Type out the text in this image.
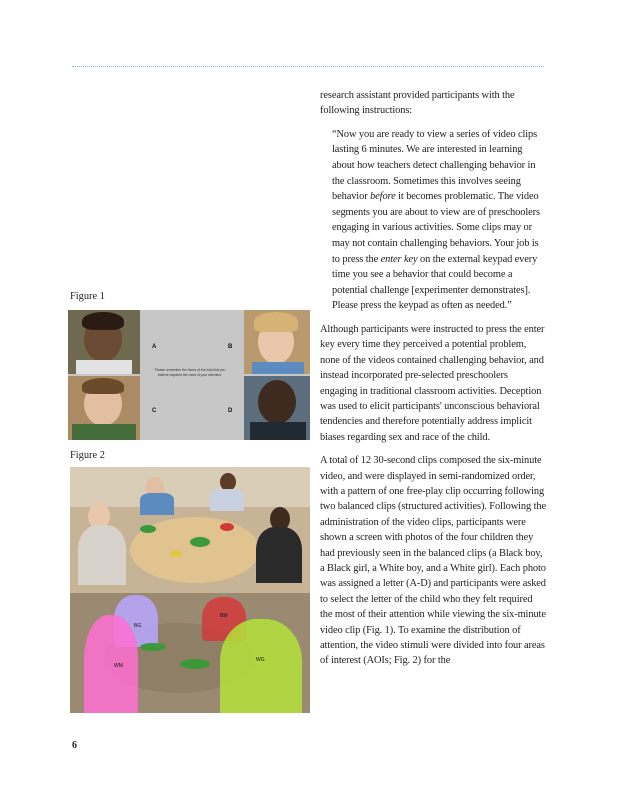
research assistant provided participants with the following instructions:

“Now you are ready to view a series of video clips lasting 6 minutes. We are interested in learning about how teachers detect challenging behavior in the classroom. Sometimes this involves seeing behavior before it becomes problematic. The video segments you are about to view are of preschoolers engaging in various activities. Some clips may or may not contain challenging behaviors. Your job is to press the enter key on the external keypad every time you see a behavior that could become a potential challenge [experimenter demonstrates]. Please press the keypad as often as needed.”

Although participants were instructed to press the enter key every time they perceived a potential problem, none of the videos contained challenging behavior, and instead incorporated pre-selected preschoolers engaging in traditional classroom activities. Deception was used to elicit participants' unconscious behavioral tendencies and therefore potentially address implicit biases regarding sex and race of the child.

A total of 12 30-second clips composed the six-minute video, and were displayed in semi-randomized order, with a pattern of one free-play clip occurring following two balanced clips (structured activities). Following the administration of the video clips, participants were shown a screen with photos of the four children they had previously seen in the balanced clips (a Black boy, a Black girl, a White boy, and a White girl). Each photo was assigned a letter (A-D) and participants were asked to select the letter of the child who they felt required the most of their attention while viewing the six-minute video clip (Fig. 1). To examine the distribution of attention, the video stimuli were divided into four areas of interest (AOIs; Fig. 2) for the

Figure 1
A	B
C	D
Please remember the faces of the kids that you believe required the most of your attention.
Figure 2
BG
BM
WM
WG
6
